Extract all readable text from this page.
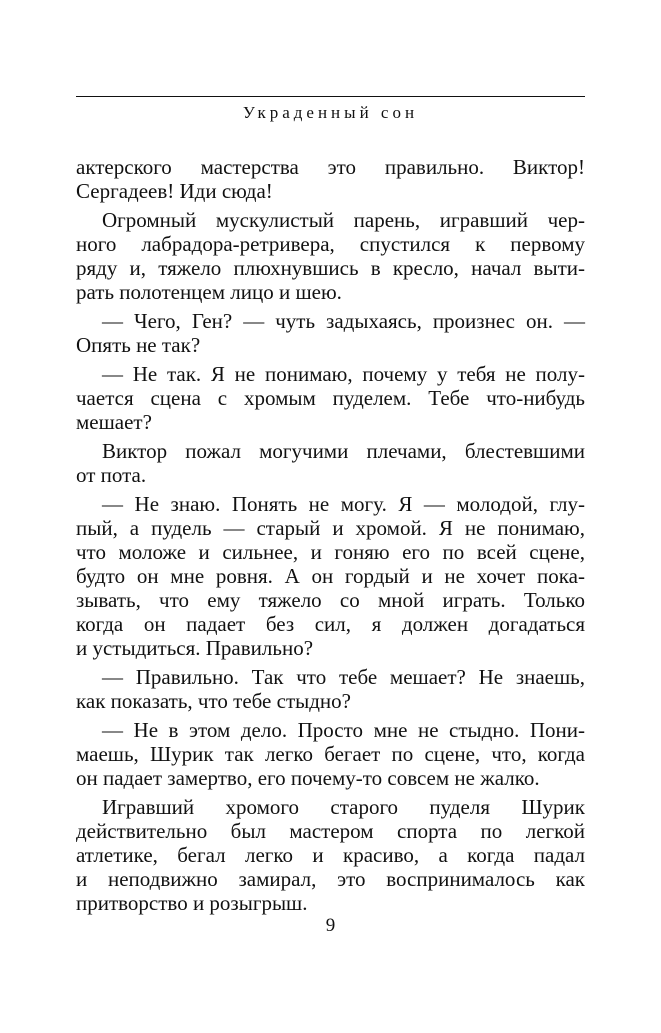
Украденный сон
актерского мастерства это правильно. Виктор!
Сергадеев! Иди сюда!
Огромный мускулистый парень, игравший чер-
ного лабрадора-ретривера, спустился к первому
ряду и, тяжело плюхнувшись в кресло, начал выти-
рать полотенцем лицо и шею.
— Чего, Ген? — чуть задыхаясь, произнес он. —
Опять не так?
— Не так. Я не понимаю, почему у тебя не полу-
чается сцена с хромым пуделем. Тебе что-нибудь
мешает?
Виктор пожал могучими плечами, блестевшими
от пота.
— Не знаю. Понять не могу. Я — молодой, глу-
пый, а пудель — старый и хромой. Я не понимаю,
что моложе и сильнее, и гоняю его по всей сцене,
будто он мне ровня. А он гордый и не хочет пока-
зывать, что ему тяжело со мной играть. Только
когда он падает без сил, я должен догадаться
и устыдиться. Правильно?
— Правильно. Так что тебе мешает? Не знаешь,
как показать, что тебе стыдно?
— Не в этом дело. Просто мне не стыдно. Пони-
маешь, Шурик так легко бегает по сцене, что, когда
он падает замертво, его почему-то совсем не жалко.
Игравший хромого старого пуделя Шурик
действительно был мастером спорта по легкой
атлетике, бегал легко и красиво, а когда падал
и неподвижно замирал, это воспринималось как
притворство и розыгрыш.
9
